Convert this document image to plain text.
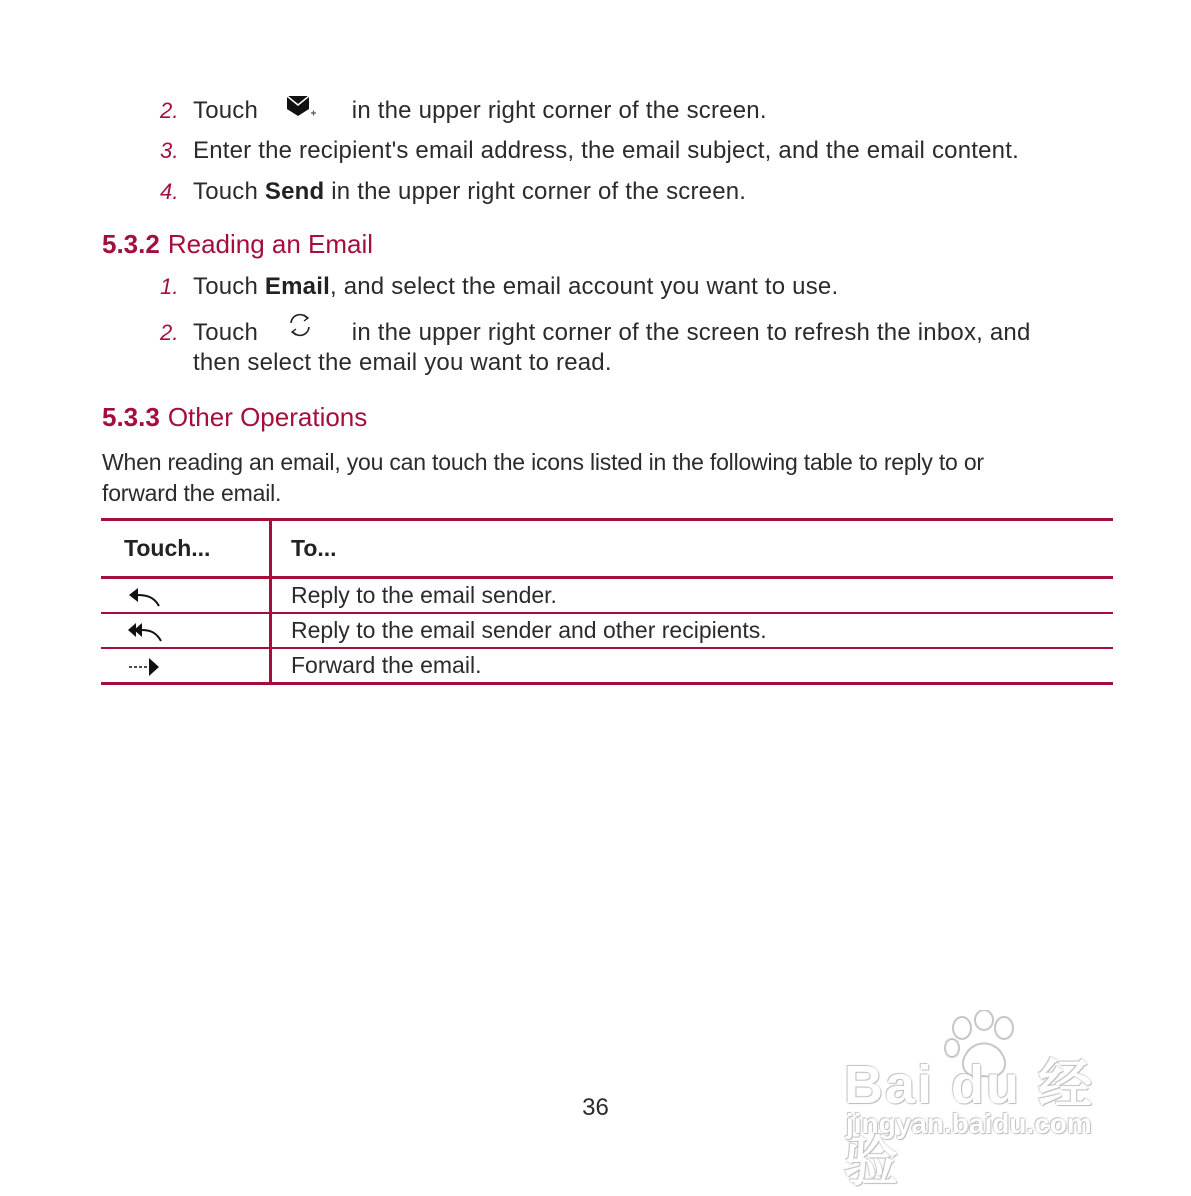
2. Touch	in the upper right corner of the screen.
3. Enter the recipient's email address, the email subject, and the email content.
4. Touch Send in the upper right corner of the screen.
5.3.2 Reading an Email
1. Touch Email, and select the email account you want to use.
2. Touch	in the upper right corner of the screen to refresh the inbox, and
then select the email you want to read.
5.3.3 Other Operations
When reading an email, you can touch the icons listed in the following table to reply to or
forward the email.
Touch...	To...
	Reply to the email sender.
	Reply to the email sender and other recipients.
	Forward the email.
36	Bai du 经验
jingyan.baidu.com
